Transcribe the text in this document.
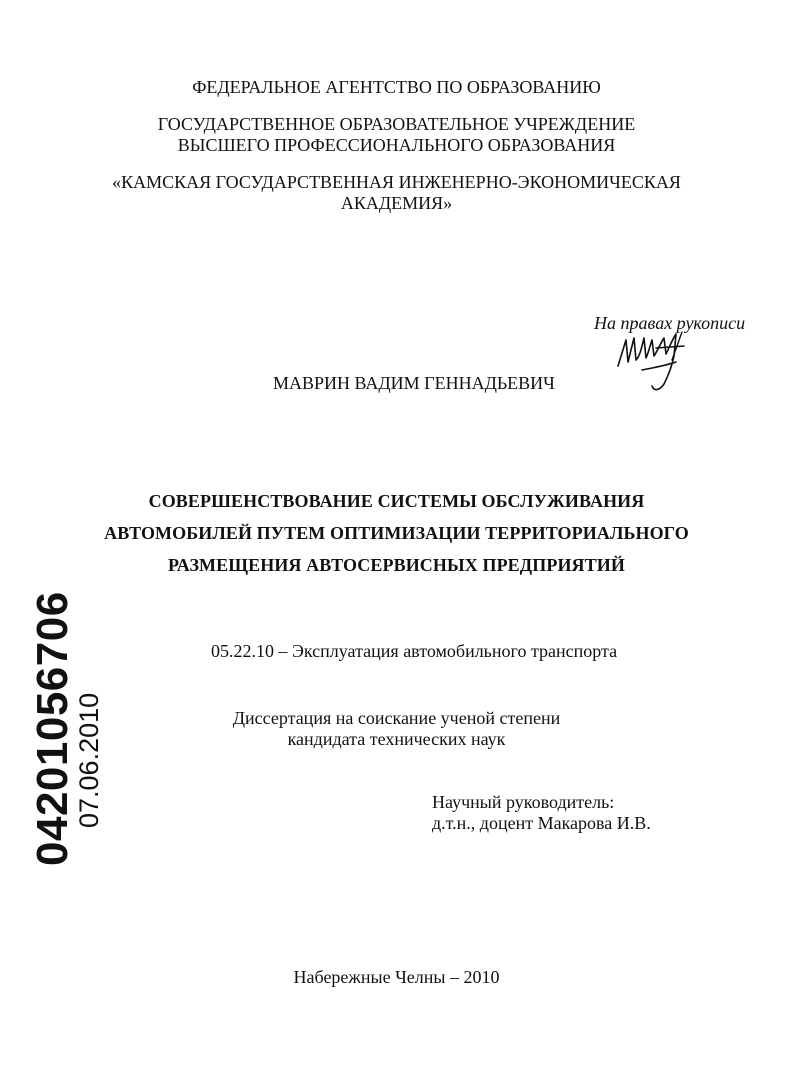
ФЕДЕРАЛЬНОЕ АГЕНТСТВО ПО ОБРАЗОВАНИЮ
ГОСУДАРСТВЕННОЕ ОБРАЗОВАТЕЛЬНОЕ УЧРЕЖДЕНИЕ
ВЫСШЕГО ПРОФЕССИОНАЛЬНОГО ОБРАЗОВАНИЯ
«КАМСКАЯ ГОСУДАРСТВЕННАЯ ИНЖЕНЕРНО-ЭКОНОМИЧЕСКАЯ
АКАДЕМИЯ»
На правах рукописи
МАВРИН ВАДИМ ГЕННАДЬЕВИЧ
СОВЕРШЕНСТВОВАНИЕ СИСТЕМЫ ОБСЛУЖИВАНИЯ
АВТОМОБИЛЕЙ ПУТЕМ ОПТИМИЗАЦИИ ТЕРРИТОРИАЛЬНОГО
РАЗМЕЩЕНИЯ АВТОСЕРВИСНЫХ ПРЕДПРИЯТИЙ
05.22.10 – Эксплуатация автомобильного транспорта
Диссертация на соискание ученой степени
кандидата технических наук
Научный руководитель:
д.т.н., доцент Макарова И.В.
Набережные Челны – 2010
04201056706
07.06.2010
